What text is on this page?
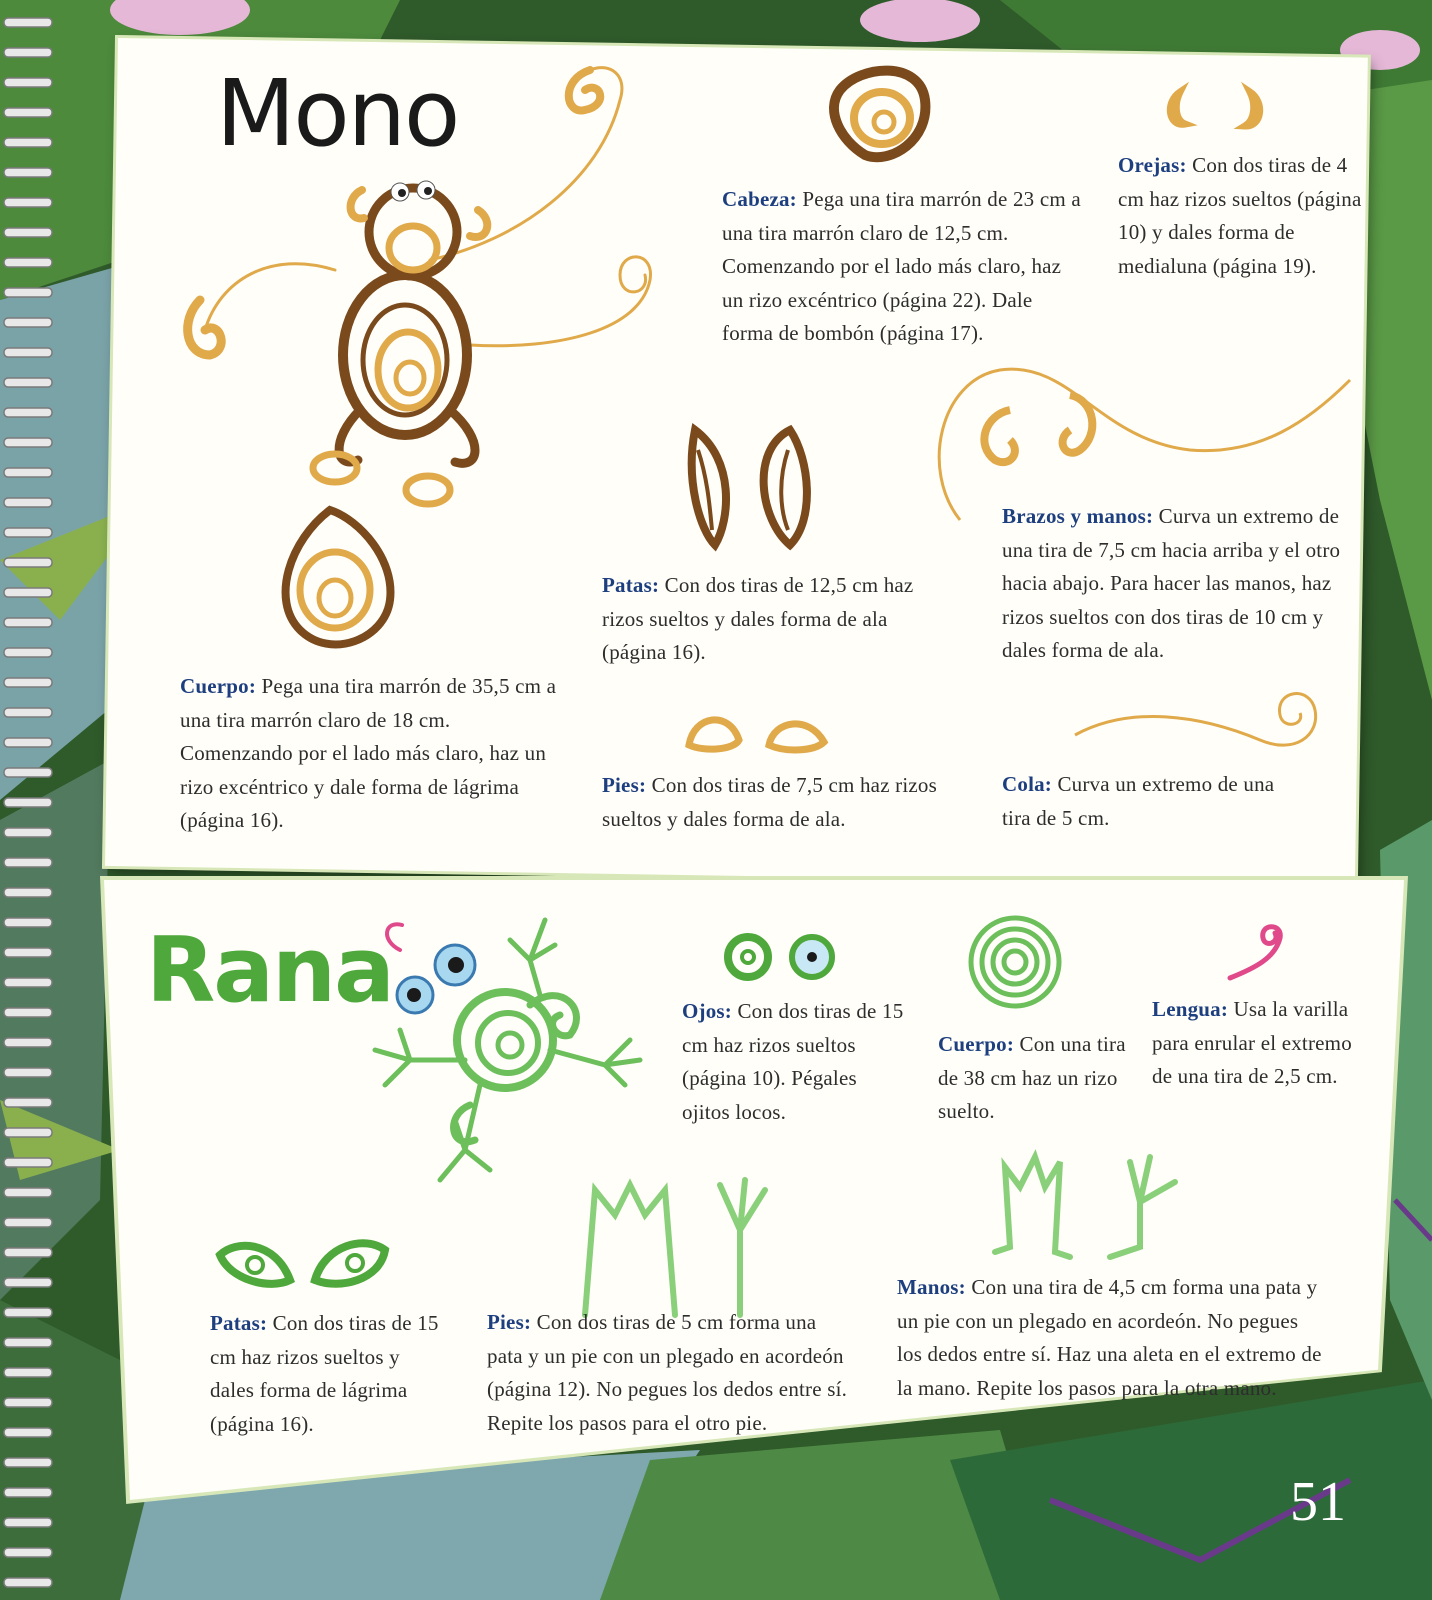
Mono
Rana
Cabeza: Pega una tira marrón de 23 cm a una tira marrón claro de 12,5 cm. Comenzando por el lado más claro, haz un rizo excéntrico (página 22). Dale forma de bombón (página 17).
Orejas: Con dos tiras de 4 cm haz rizos sueltos (página 10) y dales forma de medialuna (página 19).
Brazos y manos: Curva un extremo de una tira de 7,5 cm hacia arriba y el otro hacia abajo. Para hacer las manos, haz rizos sueltos con dos tiras de 10 cm y dales forma de ala.
Patas: Con dos tiras de 12,5 cm haz rizos sueltos y dales forma de ala (página 16).
Cuerpo: Pega una tira marrón de 35,5 cm a una tira marrón claro de 18 cm. Comenzando por el lado más claro, haz un rizo excéntrico y dale forma de lágrima (página 16).
Pies: Con dos tiras de 7,5 cm haz rizos sueltos y dales forma de ala.
Cola: Curva un extremo de una tira de 5 cm.
Ojos: Con dos tiras de 15 cm haz rizos sueltos (página 10). Pégales ojitos locos.
Cuerpo: Con una tira de 38 cm haz un rizo suelto.
Lengua: Usa la varilla para enrular el extremo de una tira de 2,5 cm.
Patas: Con dos tiras de 15 cm haz rizos sueltos y dales forma de lágrima (página 16).
Pies: Con dos tiras de 5 cm forma una pata y un pie con un plegado en acordeón (página 12). No pegues los dedos entre sí. Repite los pasos para el otro pie.
Manos: Con una tira de 4,5 cm forma una pata y un pie con un plegado en acordeón. No pegues los dedos entre sí. Haz una aleta en el extremo de la mano. Repite los pasos para la otra mano.
51
